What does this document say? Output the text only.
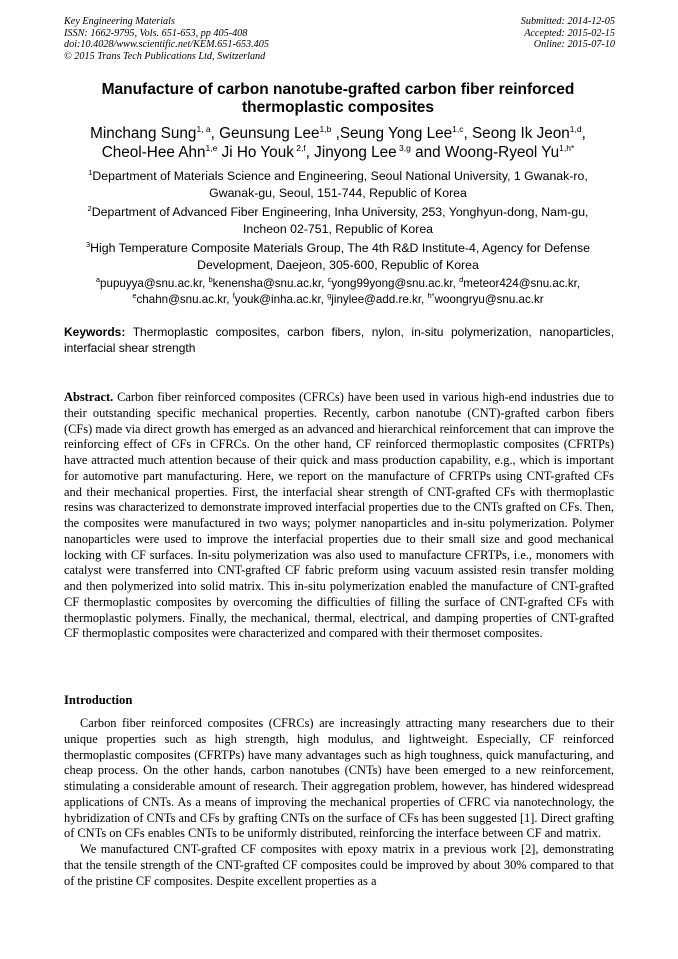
Key Engineering Materials
ISSN: 1662-9795, Vols. 651-653, pp 405-408
doi:10.4028/www.scientific.net/KEM.651-653.405
© 2015 Trans Tech Publications Ltd, Switzerland
Submitted: 2014-12-05
Accepted: 2015-02-15
Online: 2015-07-10
Manufacture of carbon nanotube-grafted carbon fiber reinforced
thermoplastic composites
Minchang Sung$^{1, a}$, Geunsung Lee$^{1,b}$ ,Seung Yong Lee$^{1,c}$, Seong Ik Jeon$^{1,d}$,
Cheol-Hee Ahn$^{1,e}$ Ji Ho Youk $^{2,f}$, Jinyong Lee $^{3,g}$ and Woong-Ryeol $Yu^{1,h*}$
$^1$Department of Materials Science and Engineering, Seoul National University, 1 Gwanak-ro,
Gwanak-gu, Seoul, 151-744, Republic of Korea
$^2$Department of Advanced Fiber Engineering, Inha University, 253, Yonghyun-dong, Nam-gu,
Incheon 02-751, Republic of Korea
$^3$High Temperature Composite Materials Group, The 4th R&D Institute-4, Agency for Defense
Development, Daejeon, 305-600, Republic of Korea
$^a$pupuyya@snu.ac.kr, $^b$kenensha@snu.ac.kr, $^c$yong99yong@snu.ac.kr, $^d$meteor424@snu.ac.kr,
$^e$chahn@snu.ac.kr, $^f$youk@inha.ac.kr, $^g$jinylee@add.re.kr, $^{h*}$woongryu@snu.ac.kr
Keywords: Thermoplastic composites, carbon fibers, nylon, in-situ polymerization, nanoparticles, interfacial shear strength
Abstract. Carbon fiber reinforced composites (CFRCs) have been used in various high-end industries due to their outstanding specific mechanical properties. Recently, carbon nanotube (CNT)-grafted carbon fibers (CFs) made via direct growth has emerged as an advanced and hierarchical reinforcement that can improve the reinforcing effect of CFs in CFRCs. On the other hand, CF reinforced thermoplastic composites (CFRTPs) have attracted much attention because of their quick and mass production capability, e.g., which is important for automotive part manufacturing. Here, we report on the manufacture of CFRTPs using CNT-grafted CFs and their mechanical properties. First, the interfacial shear strength of CNT-grafted CFs with thermoplastic resins was characterized to demonstrate improved interfacial properties due to the CNTs grafted on CFs. Then, the composites were manufactured in two ways; polymer nanoparticles and in-situ polymerization. Polymer nanoparticles were used to improve the interfacial properties due to their small size and good mechanical locking with CF surfaces. In-situ polymerization was also used to manufacture CFRTPs, i.e., monomers with catalyst were transferred into CNT-grafted CF fabric preform using vacuum assisted resin transfer molding and then polymerized into solid matrix. This in-situ polymerization enabled the manufacture of CNT-grafted CF thermoplastic composites by overcoming the difficulties of filling the surface of CNT-grafted CFs with thermoplastic polymers. Finally, the mechanical, thermal, electrical, and damping properties of CNT-grafted CF thermoplastic composites were characterized and compared with their thermoset composites.
Introduction

Carbon fiber reinforced composites (CFRCs) are increasingly attracting many researchers due to their unique properties such as high strength, high modulus, and lightweight. Especially, CF reinforced thermoplastic composites (CFRTPs) have many advantages such as high toughness, quick manufacturing, and cheap process. On the other hands, carbon nanotubes (CNTs) have been emerged to a new reinforcement, stimulating a considerable amount of research. Their aggregation problem, however, has hindered widespread applications of CNTs. As a means of improving the mechanical properties of CFRC via nanotechnology, the hybridization of CNTs and CFs by grafting CNTs on the surface of CFs has been suggested [1]. Direct grafting of CNTs on CFs enables CNTs to be uniformly distributed, reinforcing the interface between CF and matrix.

We manufactured CNT-grafted CF composites with epoxy matrix in a previous work [2], demonstrating that the tensile strength of the CNT-grafted CF composites could be improved by about 30% compared to that of the pristine CF composites. Despite excellent properties as a
